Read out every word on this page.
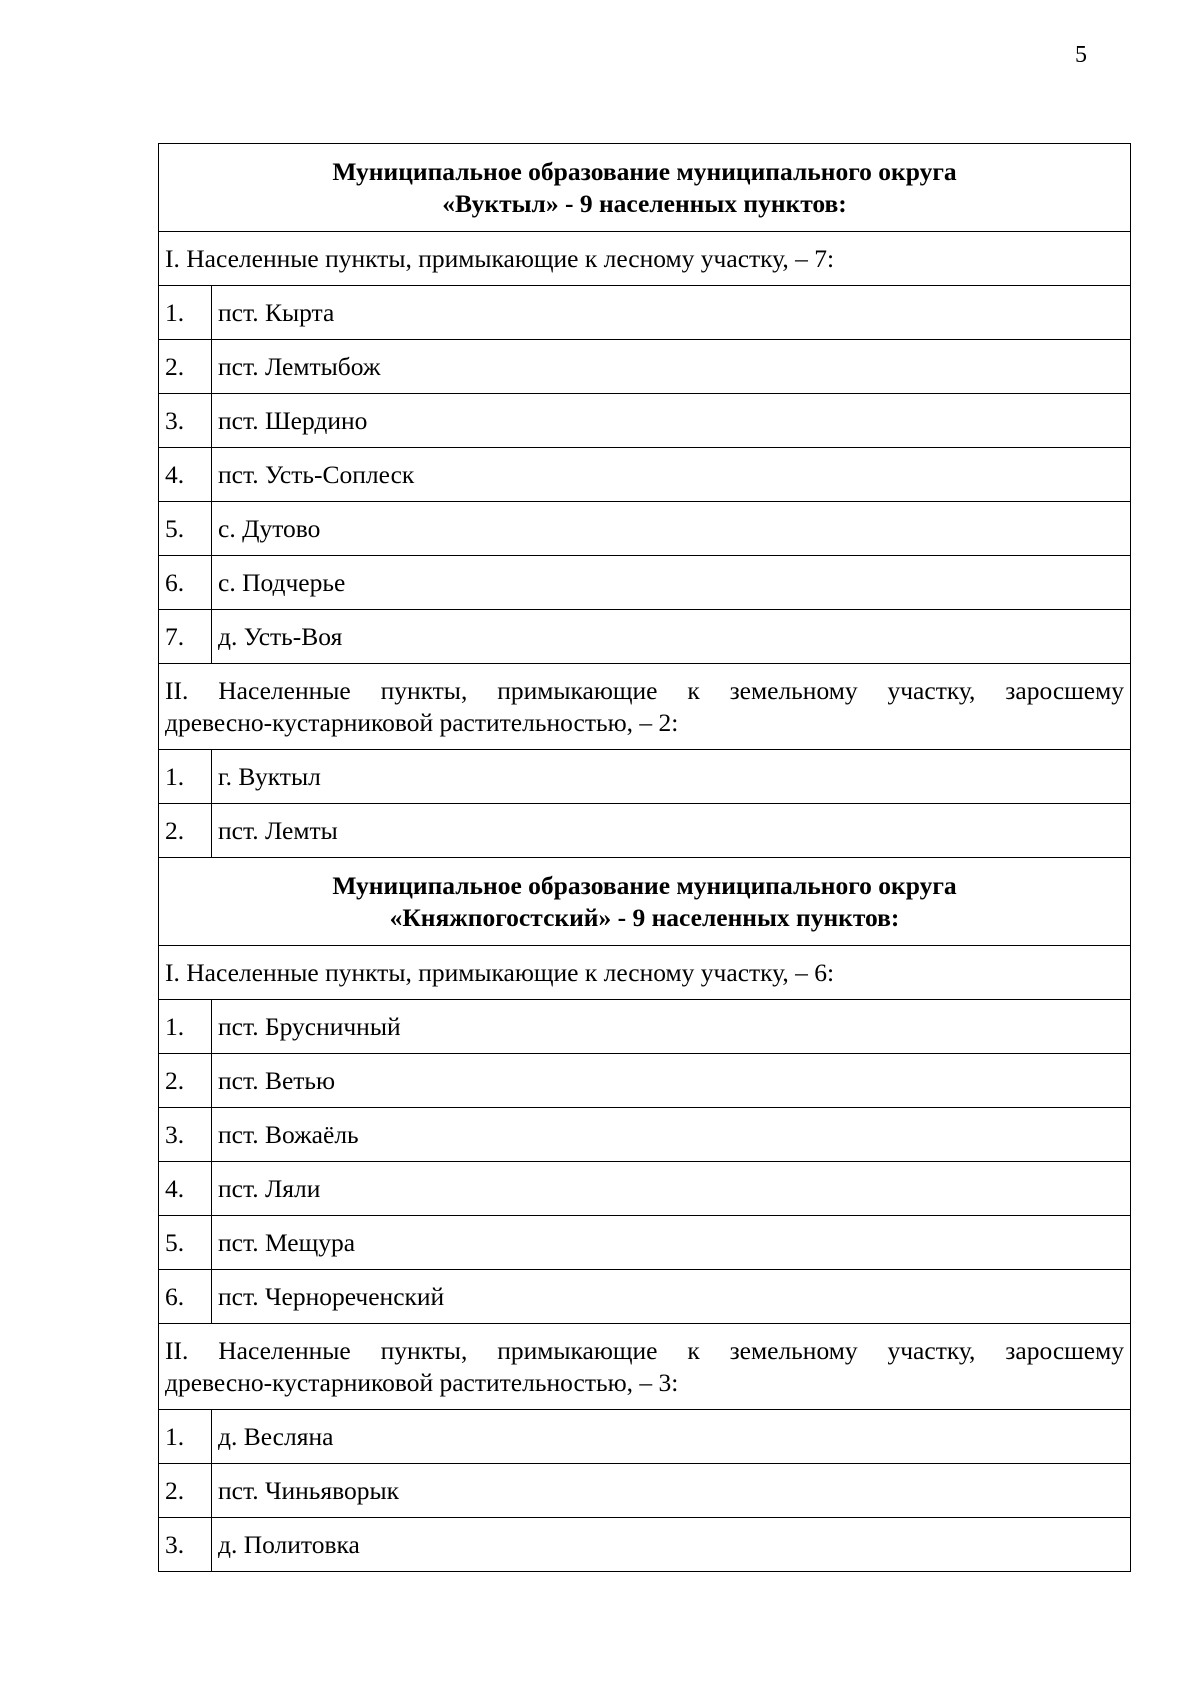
5
Муниципальное образование муниципального округа
«Вуктыл» - 9 населенных пунктов:	

I. Населенные пункты, примыкающие к лесному участку, – 7:	
1.	пст. Кырта
2.	пст. Лемтыбож
3.	пст. Шердино
4.	пст. Усть-Соплеск
5.	с. Дутово
6.	с. Подчерье
7.	д. Усть-Воя

II. Населенные пункты, примыкающие к земельному участку, заросшему
древесно-кустарниковой растительностью, – 2:	

1.	г. Вуктыл
2.	пст. Лемты

Муниципальное образование муниципального округа
«Княжпогостский» - 9 населенных пунктов:	

I. Населенные пункты, примыкающие к лесному участку, – 6:	
1.	пст. Брусничный
2.	пст. Ветью
3.	пст. Вожаёль
4.	пст. Ляли
5.	пст. Мещура
6.	пст. Чернореченский

II. Населенные пункты, примыкающие к земельному участку, заросшему
древесно-кустарниковой растительностью, – 3:	

1.	д. Весляна
2.	пст. Чиньяворык
3.	д. Политовка
